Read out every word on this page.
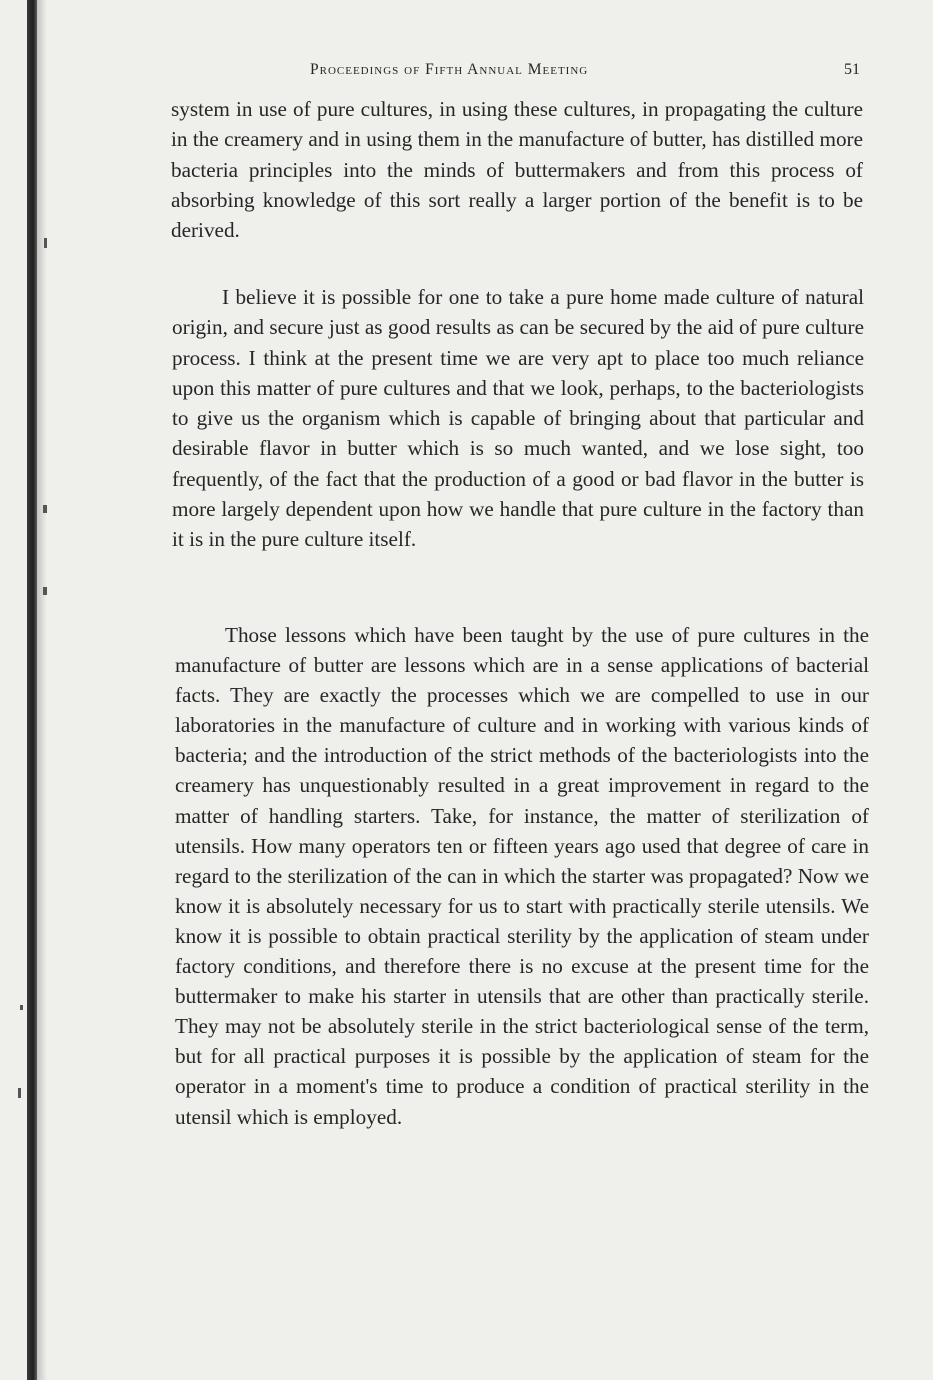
Proceedings of Fifth Annual Meeting	51

system in use of pure cultures, in using these cultures, in propagating the culture in the creamery and in using them in the manufacture of butter, has distilled more bacteria principles into the minds of buttermakers and from this process of absorbing knowledge of this sort really a larger portion of the benefit is to be derived.

I believe it is possible for one to take a pure home made culture of natural origin, and secure just as good results as can be secured by the aid of pure culture process. I think at the present time we are very apt to place too much reliance upon this matter of pure cultures and that we look, perhaps, to the bacteriologists to give us the organism which is capable of bringing about that particular and desirable flavor in butter which is so much wanted, and we lose sight, too frequently, of the fact that the production of a good or bad flavor in the butter is more largely dependent upon how we handle that pure culture in the factory than it is in the pure culture itself.

Those lessons which have been taught by the use of pure cultures in the manufacture of butter are lessons which are in a sense applications of bacterial facts. They are exactly the processes which we are compelled to use in our laboratories in the manufacture of culture and in working with various kinds of bacteria; and the introduction of the strict methods of the bacteriologists into the creamery has unquestionably resulted in a great improvement in regard to the matter of handling starters. Take, for instance, the matter of sterilization of utensils. How many operators ten or fifteen years ago used that degree of care in regard to the sterilization of the can in which the starter was propagated? Now we know it is absolutely necessary for us to start with practically sterile utensils. We know it is possible to obtain practical sterility by the application of steam under factory conditions, and therefore there is no excuse at the present time for the buttermaker to make his starter in utensils that are other than practically sterile. They may not be absolutely sterile in the strict bacteriological sense of the term, but for all practical purposes it is possible by the application of steam for the operator in a moment's time to produce a condition of practical sterility in the utensil which is employed.
